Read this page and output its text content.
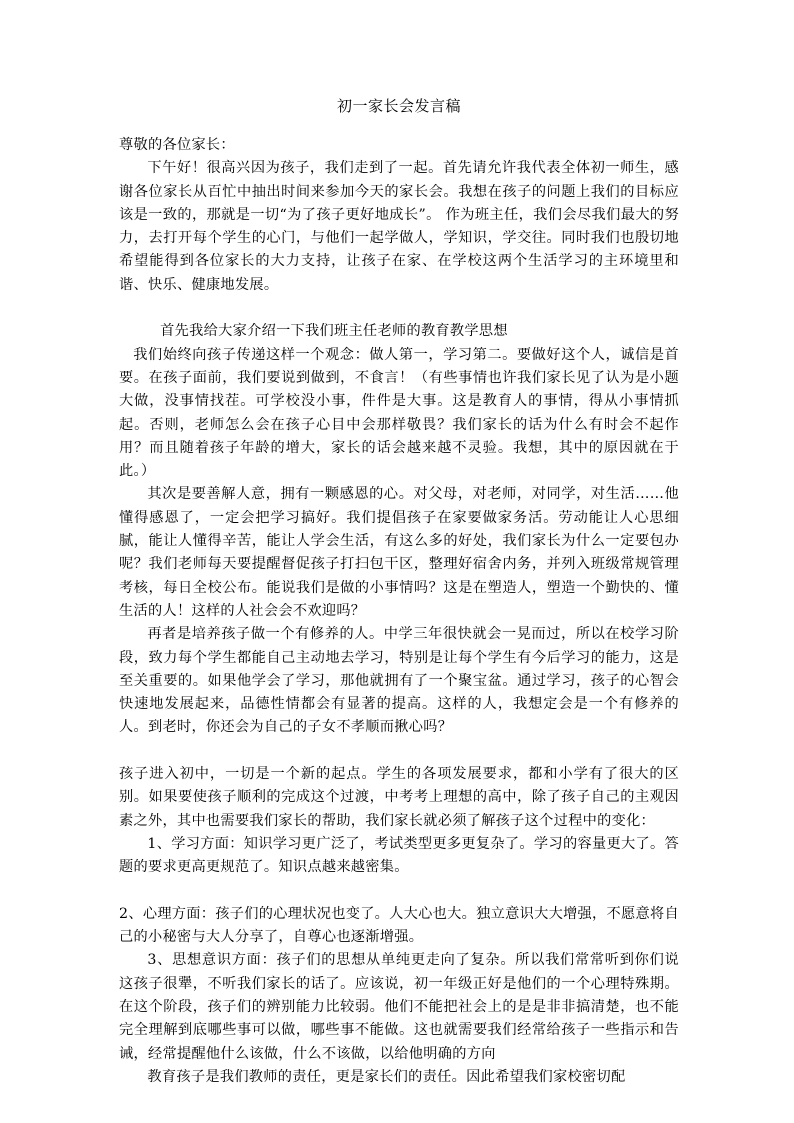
初一家长会发言稿

尊敬的各位家长：

下午好！很高兴因为孩子，我们走到了一起。首先请允许我代表全体初一师生，感谢各位家长从百忙中抽出时间来参加今天的家长会。我想在孩子的问题上我们的目标应该是一致的，那就是一切“为了孩子更好地成长”。 作为班主任，我们会尽我们最大的努力，去打开每个学生的心门，与他们一起学做人，学知识，学交往。同时我们也殷切地希望能得到各位家长的大力支持，让孩子在家、在学校这两个生活学习的主环境里和谐、快乐、健康地发展。

首先我给大家介绍一下我们班主任老师的教育教学思想

我们始终向孩子传递这样一个观念：做人第一，学习第二。要做好这个人，诚信是首要。在孩子面前，我们要说到做到，不食言！（有些事情也许我们家长见了认为是小题大做，没事情找茬。可学校没小事，件件是大事。这是教育人的事情，得从小事情抓起。否则，老师怎么会在孩子心目中会那样敬畏？我们家长的话为什么有时会不起作用？而且随着孩子年龄的增大，家长的话会越来越不灵验。我想，其中的原因就在于此。）

其次是要善解人意，拥有一颗感恩的心。对父母，对老师，对同学，对生活……他懂得感恩了，一定会把学习搞好。我们提倡孩子在家要做家务活。劳动能让人心思细腻，能让人懂得辛苦，能让人学会生活，有这么多的好处，我们家长为什么一定要包办呢？我们老师每天要提醒督促孩子打扫包干区，整理好宿舍内务，并列入班级常规管理考核，每日全校公布。能说我们是做的小事情吗？这是在塑造人，塑造一个勤快的、懂生活的人！这样的人社会会不欢迎吗？

再者是培养孩子做一个有修养的人。中学三年很快就会一晃而过，所以在校学习阶段，致力每个学生都能自己主动地去学习，特别是让每个学生有今后学习的能力，这是至关重要的。如果他学会了学习，那他就拥有了一个聚宝盆。通过学习，孩子的心智会快速地发展起来，品德性情都会有显著的提高。这样的人，我想定会是一个有修养的人。到老时，你还会为自己的子女不孝顺而揪心吗？

孩子进入初中，一切是一个新的起点。学生的各项发展要求，都和小学有了很大的区别。如果要使孩子顺利的完成这个过渡，中考考上理想的高中，除了孩子自己的主观因素之外，其中也需要我们家长的帮助，我们家长就必须了解孩子这个过程中的变化：

1、学习方面：知识学习更广泛了，考试类型更多更复杂了。学习的容量更大了。答题的要求更高更规范了。知识点越来越密集。

2、心理方面：孩子们的心理状况也变了。人大心也大。独立意识大大增强，不愿意将自己的小秘密与大人分享了，自尊心也逐渐增强。

3、思想意识方面：孩子们的思想从单纯更走向了复杂。所以我们常常听到你们说 这孩子很犟，不听我们家长的话了。应该说，初一年级正好是他们的一个心理特殊期。在这个阶段，孩子们的辨别能力比较弱。他们不能把社会上的是是非非搞清楚，也不能完全理解到底哪些事可以做，哪些事不能做。这也就需要我们经常给孩子一些指示和告诫，经常提醒他什么该做，什么不该做，以给他明确的方向

教育孩子是我们教师的责任，更是家长们的责任。因此希望我们家校密切配
